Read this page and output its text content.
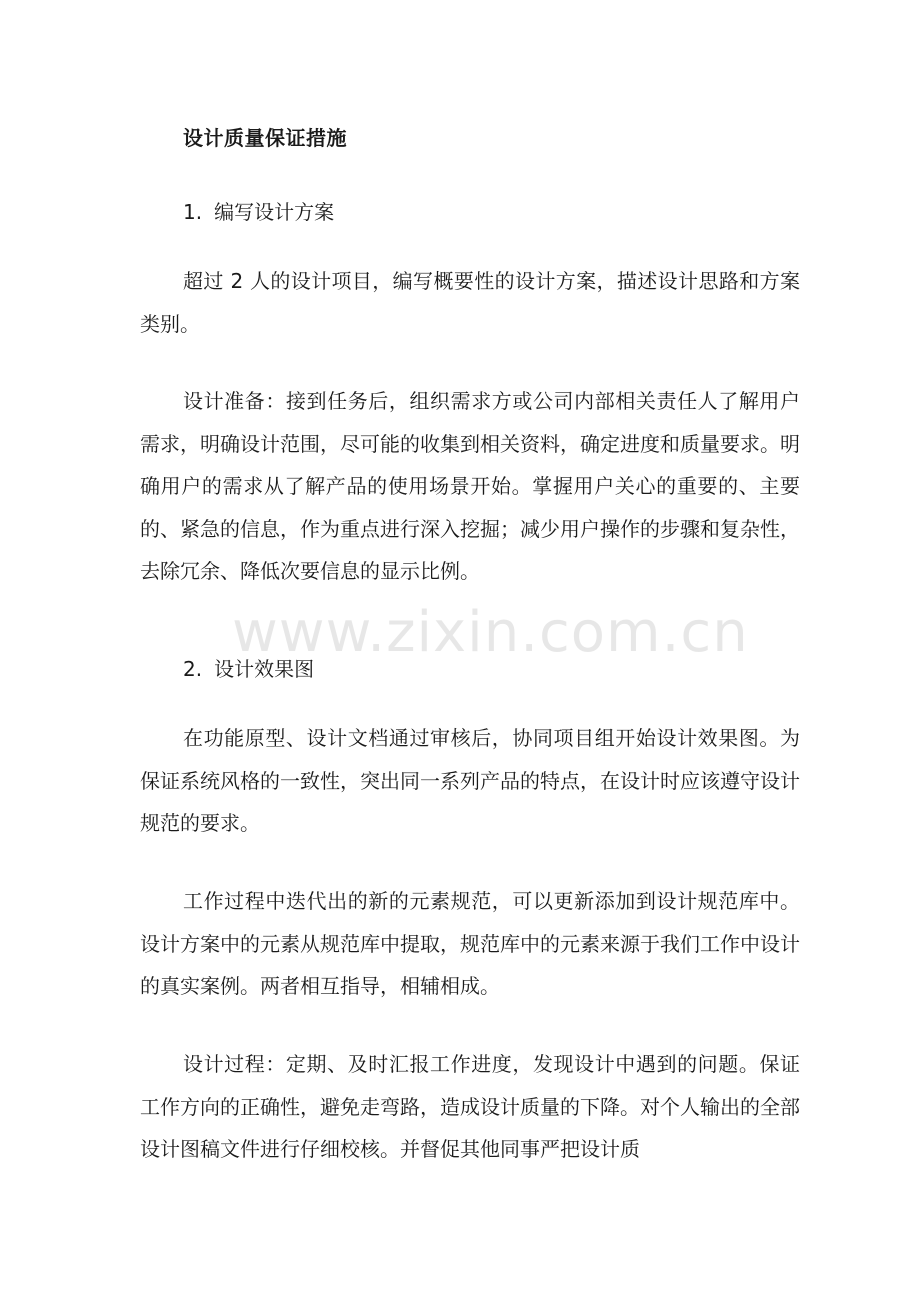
设计质量保证措施
1. 编写设计方案

超过 2 人的设计项目，编写概要性的设计方案，描述设计思路和方案类别。

设计准备：接到任务后，组织需求方或公司内部相关责任人了解用户需求，明确设计范围，尽可能的收集到相关资料，确定进度和质量要求。明确用户的需求从了解产品的使用场景开始。掌握用户关心的重要的、主要的、紧急的信息，作为重点进行深入挖掘；减少用户操作的步骤和复杂性，去除冗余、降低次要信息的显示比例。

2. 设计效果图

在功能原型、设计文档通过审核后，协同项目组开始设计效果图。为保证系统风格的一致性，突出同一系列产品的特点，在设计时应该遵守设计规范的要求。

工作过程中迭代出的新的元素规范，可以更新添加到设计规范库中。设计方案中的元素从规范库中提取，规范库中的元素来源于我们工作中设计的真实案例。两者相互指导，相辅相成。

设计过程：定期、及时汇报工作进度，发现设计中遇到的问题。保证工作方向的正确性，避免走弯路，造成设计质量的下降。对个人输出的全部设计图稿文件进行仔细校核。并督促其他同事严把设计质

www.zixin.com.cn
